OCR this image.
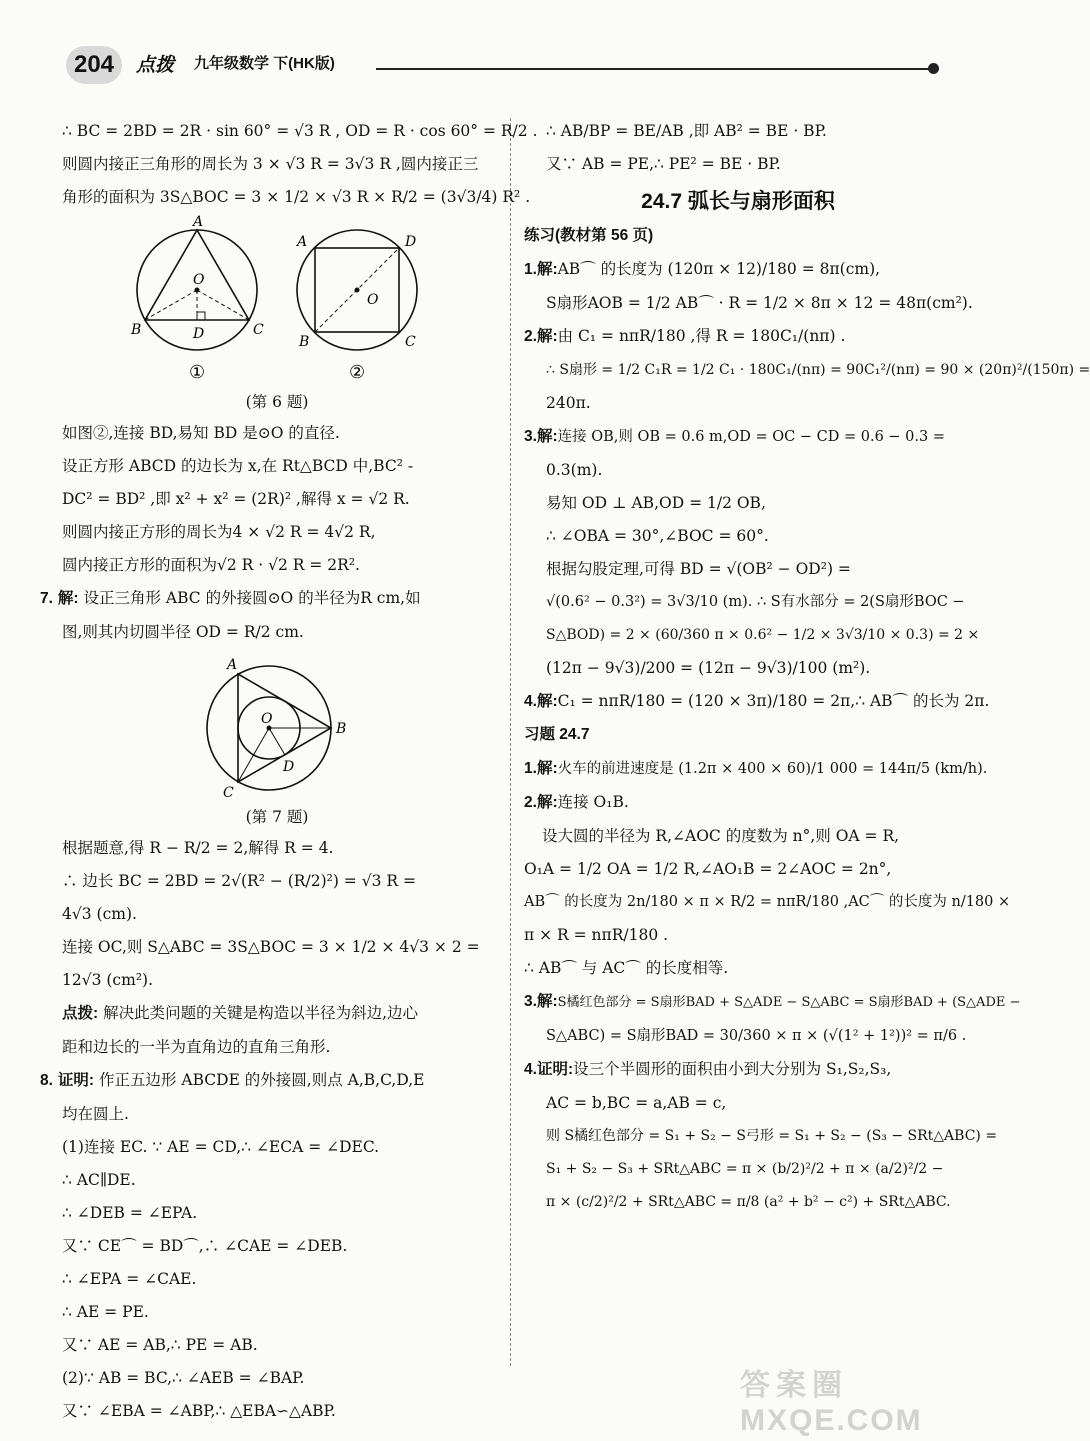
204	点拨 九年级数学 下(HK版)
∴ BC = 2BD = 2R · sin 60° = √3 R , OD = R · cos 60° = R/2 .
则圆内接正三角形的周长为 3 × √3 R = 3√3 R ,圆内接正三
角形的面积为 3S△BOC = 3 × 1/2 × √3 R × R/2 = (3√3/4) R² .
A
B	C
D
O
①
A	D
B	C
O
②
(第 6 题)
如图②,连接 BD,易知 BD 是⊙O 的直径.
设正方形 ABCD 的边长为 x,在 Rt△BCD 中,BC² -
DC² = BD² ,即 x² + x² = (2R)² ,解得 x = √2 R.
则圆内接正方形的周长为4 × √2 R = 4√2 R,
圆内接正方形的面积为√2 R · √2 R = 2R².
7. 解: 设正三角形 ABC 的外接圆⊙O 的半径为R cm,如
图,则其内切圆半径 OD = R/2 cm.
A
O
B
D
C
(第 7 题)
根据题意,得 R − R/2 = 2,解得 R = 4.
∴ 边长 BC = 2BD = 2√(R² − (R/2)²) = √3 R =
4√3 (cm).
连接 OC,则 S△ABC = 3S△BOC = 3 × 1/2 × 4√3 × 2 =
12√3 (cm²).
点拨: 解决此类问题的关键是构造以半径为斜边,边心
距和边长的一半为直角边的直角三角形.
8. 证明: 作正五边形 ABCDE 的外接圆,则点 A,B,C,D,E
均在圆上.
(1)连接 EC. ∵ AE = CD,∴ ∠ECA = ∠DEC.
∴ AC∥DE.
∴ ∠DEB = ∠EPA.
又∵ CE⌒ = BD⌒,∴ ∠CAE = ∠DEB.
∴ ∠EPA = ∠CAE.
∴ AE = PE.
又∵ AE = AB,∴ PE = AB.
(2)∵ AB = BC,∴ ∠AEB = ∠BAP.
又∵ ∠EBA = ∠ABP,∴ △EBA∽△ABP.
∴ AB/BP = BE/AB ,即 AB² = BE · BP.
又∵ AB = PE,∴ PE² = BE · BP.
24.7 弧长与扇形面积
练习(教材第 56 页)
1.解:AB⌒ 的长度为 (120π × 12)/180 = 8π(cm),
S扇形AOB = 1/2 AB⌒ · R = 1/2 × 8π × 12 = 48π(cm²).
2.解:由 C₁ = nπR/180 ,得 R = 180C₁/(nπ) .
∴ S扇形 = 1/2 C₁R = 1/2 C₁ · 180C₁/(nπ) = 90C₁²/(nπ) = 90 × (20π)²/(150π) =
240π.
3.解:连接 OB,则 OB = 0.6 m,OD = OC − CD = 0.6 − 0.3 =
0.3(m).
易知 OD ⊥ AB,OD = 1/2 OB,
∴ ∠OBA = 30°,∠BOC = 60°.
根据勾股定理,可得 BD = √(OB² − OD²) =
√(0.6² − 0.3²) = 3√3/10 (m). ∴ S有水部分 = 2(S扇形BOC −
S△BOD) = 2 × (60/360 π × 0.6² − 1/2 × 3√3/10 × 0.3) = 2 ×
(12π − 9√3)/200 = (12π − 9√3)/100 (m²).
4.解:C₁ = nπR/180 = (120 × 3π)/180 = 2π,∴ AB⌒ 的长为 2π.
习题 24.7
1.解:火车的前进速度是 (1.2π × 400 × 60)/1 000 = 144π/5 (km/h).
2.解:连接 O₁B.
设大圆的半径为 R,∠AOC 的度数为 n°,则 OA = R,
O₁A = 1/2 OA = 1/2 R,∠AO₁B = 2∠AOC = 2n°,
AB⌒ 的长度为 2n/180 × π × R/2 = nπR/180 ,AC⌒ 的长度为 n/180 ×
π × R = nπR/180 .
∴ AB⌒ 与 AC⌒ 的长度相等.
3.解:S橘红色部分 = S扇形BAD + S△ADE − S△ABC = S扇形BAD + (S△ADE −
S△ABC) = S扇形BAD = 30/360 × π × (√(1² + 1²))² = π/6 .
4.证明:设三个半圆形的面积由小到大分别为 S₁,S₂,S₃,
AC = b,BC = a,AB = c,
则 S橘红色部分 = S₁ + S₂ − S弓形 = S₁ + S₂ − (S₃ − SRt△ABC) =
S₁ + S₂ − S₃ + SRt△ABC = π × (b/2)²/2 + π × (a/2)²/2 −
π × (c/2)²/2 + SRt△ABC = π/8 (a² + b² − c²) + SRt△ABC.
答案圈
MXQE.COM
